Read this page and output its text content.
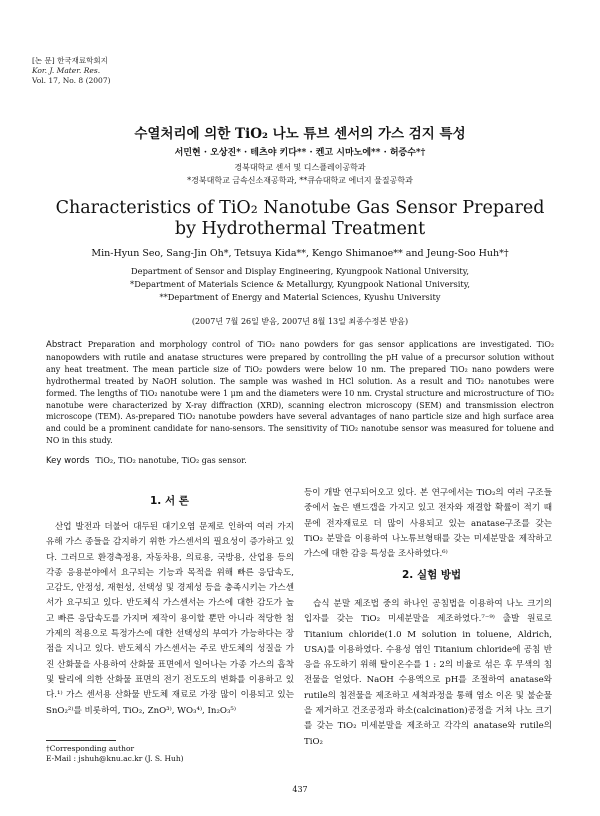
[논 문] 한국재료학회지
Kor. J. Mater. Res.
Vol. 17, No. 8 (2007)
수열처리에 의한 TiO₂ 나노 튜브 센서의 가스 검지 특성
서민현 · 오상진* · 테츠야 키다** · 켄고 시마노에** · 허증수*†
경북대학교 센서 및 디스플레이공학과
*경북대학교 금속신소재공학과, **큐슈대학교 에너지 물질공학과
Characteristics of TiO₂ Nanotube Gas Sensor Prepared
by Hydrothermal Treatment
Min-Hyun Seo, Sang-Jin Oh*, Tetsuya Kida**, Kengo Shimanoe** and Jeung-Soo Huh*†
Department of Sensor and Display Engineering, Kyungpook National University,
*Department of Materials Science & Metallurgy, Kyungpook National University,
**Department of Energy and Material Sciences, Kyushu University
(2007년 7월 26일 받음, 2007년 8월 13일 최종수정본 받음)
Abstract Preparation and morphology control of TiO₂ nano powders for gas sensor applications are investigated. TiO₂ nanopowders with rutile and anatase structures were prepared by controlling the pH value of a precursor solution without any heat treatment. The mean particle size of TiO₂ powders were below 10 nm. The prepared TiO₂ nano powders were hydrothermal treated by NaOH solution. The sample was washed in HCl solution. As a result and TiO₂ nanotubes were formed. The lengths of TiO₂ nanotube were 1 μm and the diameters were 10 nm. Crystal structure and microstructure of TiO₂ nanotube were characterized by X-ray diffraction (XRD), scanning electron microscopy (SEM) and transmission electron microscope (TEM). As-prepared TiO₂ nanotube powders have several advantages of nano particle size and high surface area and could be a prominent candidate for nano-sensors. The sensitivity of TiO₂ nanotube sensor was measured for toluene and NO in this study.
Key words TiO₂, TiO₂ nanotube, TiO₂ gas sensor.
1. 서 론
산업 발전과 더불어 대두된 대기오염 문제로 인하여 여러 가지 유해 가스 종들을 감지하기 위한 가스센서의 필요성이 증가하고 있다. 그러므로 환경측정용, 자동차용, 의료용, 국방용, 산업용 등의 각종 응용분야에서 요구되는 기능과 목적을 위해 빠른 응답속도, 고감도, 안정성, 재현성, 선택성 및 경제성 등을 충족시키는 가스센서가 요구되고 있다. 반도체식 가스센서는 가스에 대한 감도가 높고 빠른 응답속도를 가지며 제작이 용이할 뿐만 아니라 적당한 첨가제의 적용으로 특정가스에 대한 선택성의 부여가 가능하다는 장점을 지니고 있다. 반도체식 가스센서는 주로 반도체의 성질을 가진 산화물을 사용하여 산화물 표면에서 일어나는 가종 가스의 흡착 및 탈리에 의한 산화물 표면의 전기 전도도의 변화를 이용하고 있다.¹⁾ 가스 센서용 산화물 반도체 재료로 가장 많이 이용되고 있는 SnO₂²⁾를 비롯하여, TiO₂, ZnO³⁾, WO₃⁴⁾, In₂O₃⁵⁾
등이 개발 연구되어오고 있다. 본 연구에서는 TiO₂의 여러 구조들 중에서 높은 밴드갭을 가지고 있고 전자와 재결합 확률이 적기 때문에 전자재료로 더 많이 사용되고 있는 anatase구조를 갖는 TiO₂ 분말을 이용하여 나노튜브형태를 갖는 미세분말을 제작하고 가스에 대한 감응 특성을 조사하였다.⁶⁾
2. 실험 방법
습식 분말 제조법 중의 하나인 공침법을 이용하여 나노 크기의 입자를 갖는 TiO₂ 미세분말을 제조하였다.⁷⁻⁹⁾ 출발 원료로 Titanium chloride(1.0 M solution in toluene, Aldrich, USA)를 이용하였다. 수용성 염인 Titanium chloride에 공침 반응을 유도하기 위해 탈이온수를 1 : 2의 비율로 섞은 후 무색의 침전물을 얻었다. NaOH 수용액으로 pH를 조절하여 anatase와 rutile의 침전물을 제조하고 세척과정을 통해 염소 이온 및 불순물을 제거하고 건조공정과 하소(calcination)공정을 거쳐 나노 크기를 갖는 TiO₂ 미세분말을 제조하고 각각의 anatase와 rutile의 TiO₂
†Corresponding author
E-Mail : jshuh@knu.ac.kr (J. S. Huh)
437
